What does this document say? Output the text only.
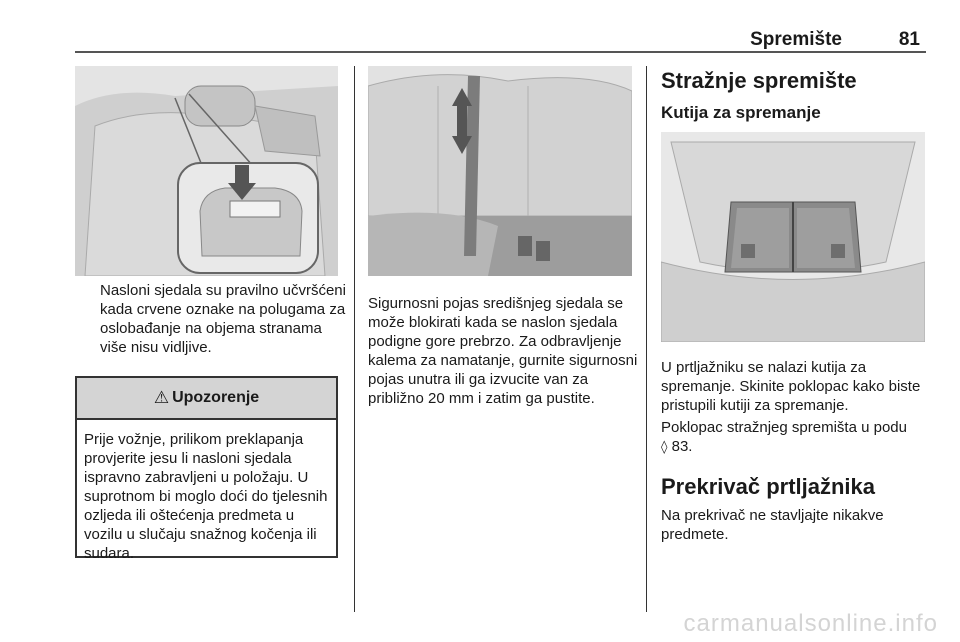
Spremište	81

Nasloni sjedala su pravilno učvršćeni kada crvene oznake na polugama za oslobađanje na objema stranama više nisu vidljive.

⚠ Upozorenje
Prije vožnje, prilikom preklapanja provjerite jesu li nasloni sjedala ispravno zabravljeni u položaju. U suprotnom bi moglo doći do tjelesnih ozljeda ili oštećenja predmeta u vozilu u slučaju snažnog kočenja ili sudara.

Sigurnosni pojas središnjeg sjedala se može blokirati kada se naslon sjedala podigne gore prebrzo. Za odbravljenje kalema za namatanje, gurnite sigurnosni pojas unutra ili ga izvucite van za približno 20 mm i zatim ga pustite.

Stražnje spremište
Kutija za spremanje

U prtljažniku se nalazi kutija za spremanje. Skinite poklopac kako biste pristupili kutiji za spremanje.

Poklopac stražnjeg spremišta u podu
◊ 83.

Prekrivač prtljažnika

Na prekrivač ne stavljajte nikakve predmete.

carmanualsonline.info
